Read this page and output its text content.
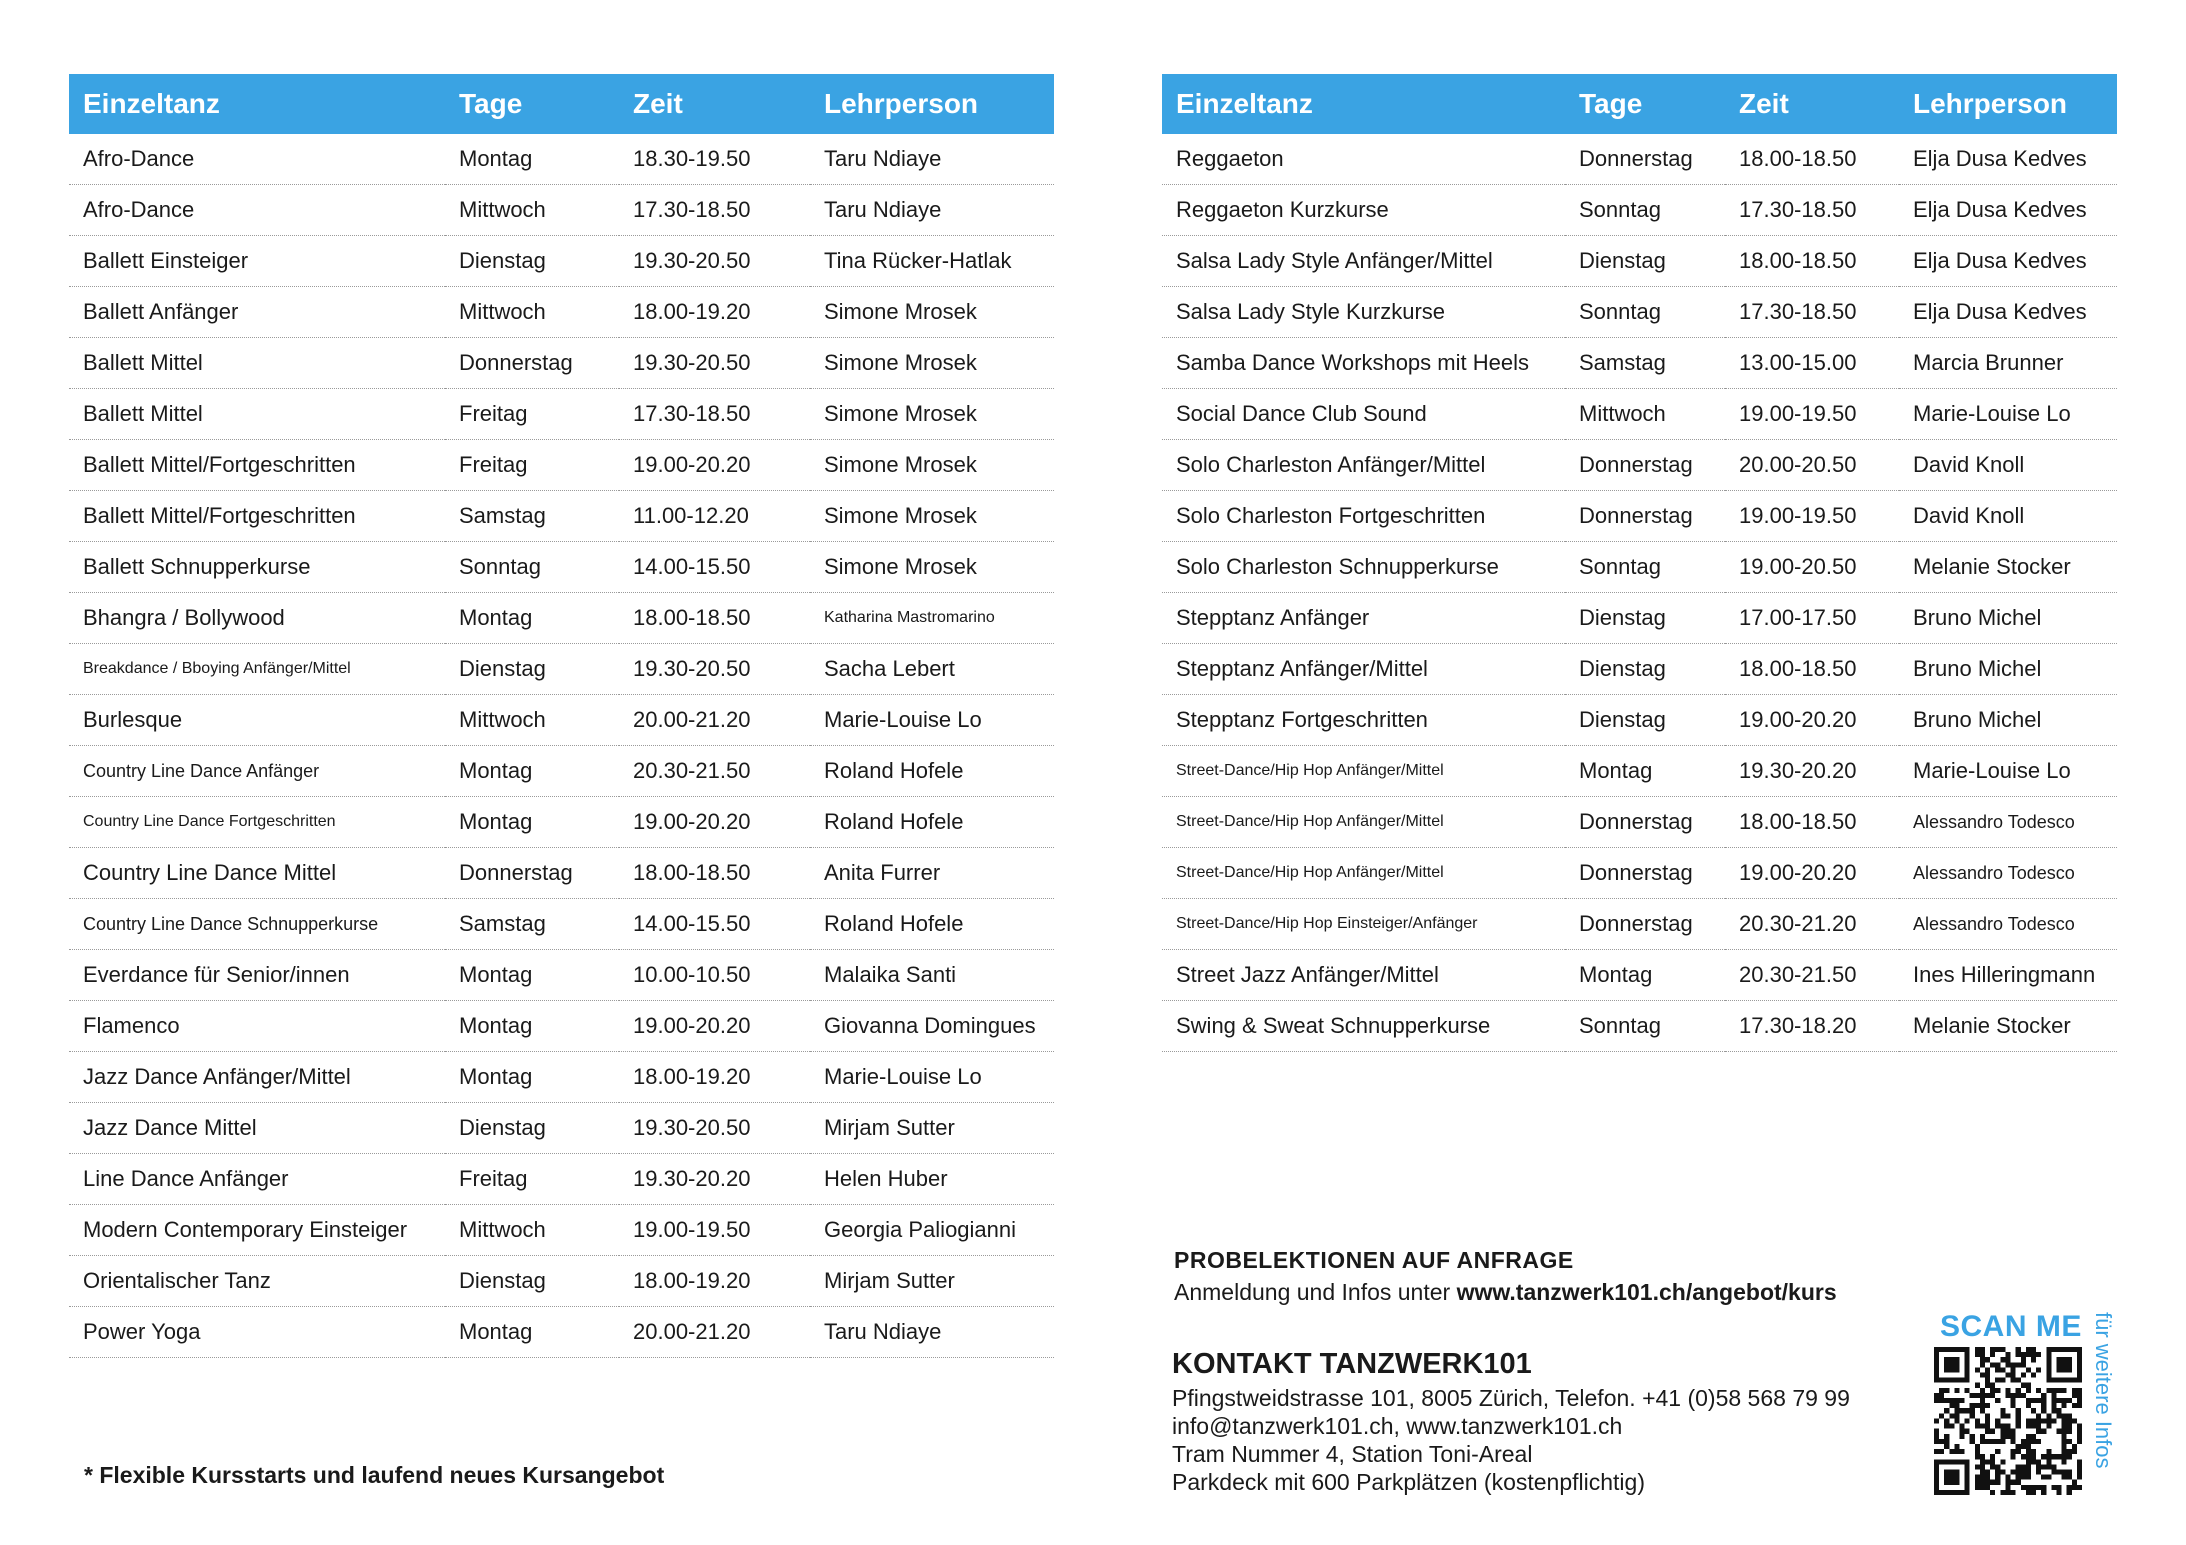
Einzeltanz	Tage	Zeit	Lehrperson
Afro-Dance	Montag	18.30-19.50	Taru Ndiaye
Afro-Dance	Mittwoch	17.30-18.50	Taru Ndiaye
Ballett Einsteiger	Dienstag	19.30-20.50	Tina Rücker-Hatlak
Ballett Anfänger	Mittwoch	18.00-19.20	Simone Mrosek
Ballett Mittel	Donnerstag	19.30-20.50	Simone Mrosek
Ballett Mittel	Freitag	17.30-18.50	Simone Mrosek
Ballett Mittel/Fortgeschritten	Freitag	19.00-20.20	Simone Mrosek
Ballett Mittel/Fortgeschritten	Samstag	11.00-12.20	Simone Mrosek
Ballett Schnupperkurse	Sonntag	14.00-15.50	Simone Mrosek
Bhangra / Bollywood	Montag	18.00-18.50	Katharina Mastromarino
Breakdance / Bboying Anfänger/Mittel	Dienstag	19.30-20.50	Sacha Lebert
Burlesque	Mittwoch	20.00-21.20	Marie-Louise Lo
Country Line Dance Anfänger	Montag	20.30-21.50	Roland Hofele
Country Line Dance Fortgeschritten	Montag	19.00-20.20	Roland Hofele
Country Line Dance Mittel	Donnerstag	18.00-18.50	Anita Furrer
Country Line Dance Schnupperkurse	Samstag	14.00-15.50	Roland Hofele
Everdance für Senior/innen	Montag	10.00-10.50	Malaika Santi
Flamenco	Montag	19.00-20.20	Giovanna Domingues
Jazz Dance Anfänger/Mittel	Montag	18.00-19.20	Marie-Louise Lo
Jazz Dance Mittel	Dienstag	19.30-20.50	Mirjam Sutter
Line Dance Anfänger	Freitag	19.30-20.20	Helen Huber
Modern Contemporary Einsteiger	Mittwoch	19.00-19.50	Georgia Paliogianni
Orientalischer Tanz	Dienstag	18.00-19.20	Mirjam Sutter
Power Yoga	Montag	20.00-21.20	Taru Ndiaye
Einzeltanz	Tage	Zeit	Lehrperson
Reggaeton	Donnerstag	18.00-18.50	Elja Dusa Kedves
Reggaeton Kurzkurse	Sonntag	17.30-18.50	Elja Dusa Kedves
Salsa Lady Style Anfänger/Mittel	Dienstag	18.00-18.50	Elja Dusa Kedves
Salsa Lady Style Kurzkurse	Sonntag	17.30-18.50	Elja Dusa Kedves
Samba Dance Workshops mit Heels	Samstag	13.00-15.00	Marcia Brunner
Social Dance Club Sound	Mittwoch	19.00-19.50	Marie-Louise Lo
Solo Charleston Anfänger/Mittel	Donnerstag	20.00-20.50	David Knoll
Solo Charleston Fortgeschritten	Donnerstag	19.00-19.50	David Knoll
Solo Charleston Schnupperkurse	Sonntag	19.00-20.50	Melanie Stocker
Stepptanz Anfänger	Dienstag	17.00-17.50	Bruno Michel
Stepptanz Anfänger/Mittel	Dienstag	18.00-18.50	Bruno Michel
Stepptanz Fortgeschritten	Dienstag	19.00-20.20	Bruno Michel
Street-Dance/Hip Hop Anfänger/Mittel	Montag	19.30-20.20	Marie-Louise Lo
Street-Dance/Hip Hop Anfänger/Mittel	Donnerstag	18.00-18.50	Alessandro Todesco
Street-Dance/Hip Hop Anfänger/Mittel	Donnerstag	19.00-20.20	Alessandro Todesco
Street-Dance/Hip Hop Einsteiger/Anfänger	Donnerstag	20.30-21.20	Alessandro Todesco
Street Jazz Anfänger/Mittel	Montag	20.30-21.50	Ines Hilleringmann
Swing & Sweat Schnupperkurse	Sonntag	17.30-18.20	Melanie Stocker
* Flexible Kursstarts und laufend neues Kursangebot
PROBELEKTIONEN AUF ANFRAGE
Anmeldung und Infos unter www.tanzwerk101.ch/angebot/kurs
KONTAKT TANZWERK101
Pfingstweidstrasse 101, 8005 Zürich, Telefon. +41 (0)58 568 79 99
info@tanzwerk101.ch, www.tanzwerk101.ch
Tram Nummer 4, Station Toni-Areal
Parkdeck mit 600 Parkplätzen (kostenpflichtig)
SCAN ME für weitere Infos
